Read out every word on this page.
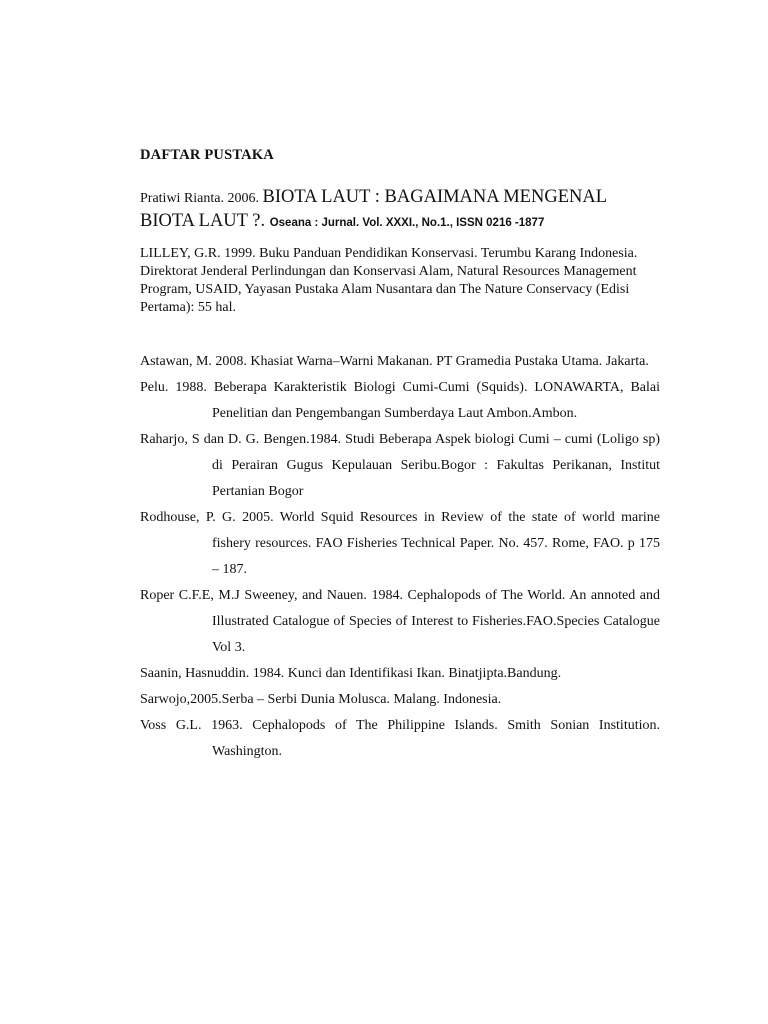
DAFTAR PUSTAKA
Pratiwi Rianta. 2006. BIOTA LAUT : BAGAIMANA MENGENAL
BIOTA LAUT ?. Oseana : Jurnal. Vol. XXXI., No.1., ISSN 0216 -1877
LILLEY, G.R. 1999. Buku Panduan Pendidikan Konservasi. Terumbu Karang Indonesia. Direktorat Jenderal Perlindungan dan Konservasi Alam, Natural Resources Management Program, USAID, Yayasan Pustaka Alam Nusantara dan The Nature Conservacy (Edisi Pertama): 55 hal.
Astawan, M. 2008. Khasiat Warna–Warni Makanan. PT Gramedia Pustaka Utama. Jakarta.
Pelu. 1988. Beberapa Karakteristik Biologi Cumi-Cumi (Squids). LONAWARTA, Balai Penelitian dan Pengembangan Sumberdaya Laut Ambon.Ambon.
Raharjo, S dan D. G. Bengen.1984. Studi Beberapa Aspek biologi Cumi – cumi (Loligo sp) di Perairan Gugus Kepulauan Seribu.Bogor : Fakultas Perikanan, Institut Pertanian Bogor
Rodhouse, P. G. 2005. World Squid Resources in Review of the state of world marine fishery resources. FAO Fisheries Technical Paper. No. 457. Rome, FAO. p 175 – 187.
Roper C.F.E, M.J Sweeney, and Nauen. 1984. Cephalopods of The World. An annoted and Illustrated Catalogue of Species of Interest to Fisheries.FAO.Species Catalogue Vol 3.
Saanin, Hasnuddin. 1984. Kunci dan Identifikasi Ikan. Binatjipta.Bandung.
Sarwojo,2005.Serba – Serbi Dunia Molusca. Malang. Indonesia.
Voss G.L. 1963. Cephalopods of The Philippine Islands. Smith Sonian Institution. Washington.
